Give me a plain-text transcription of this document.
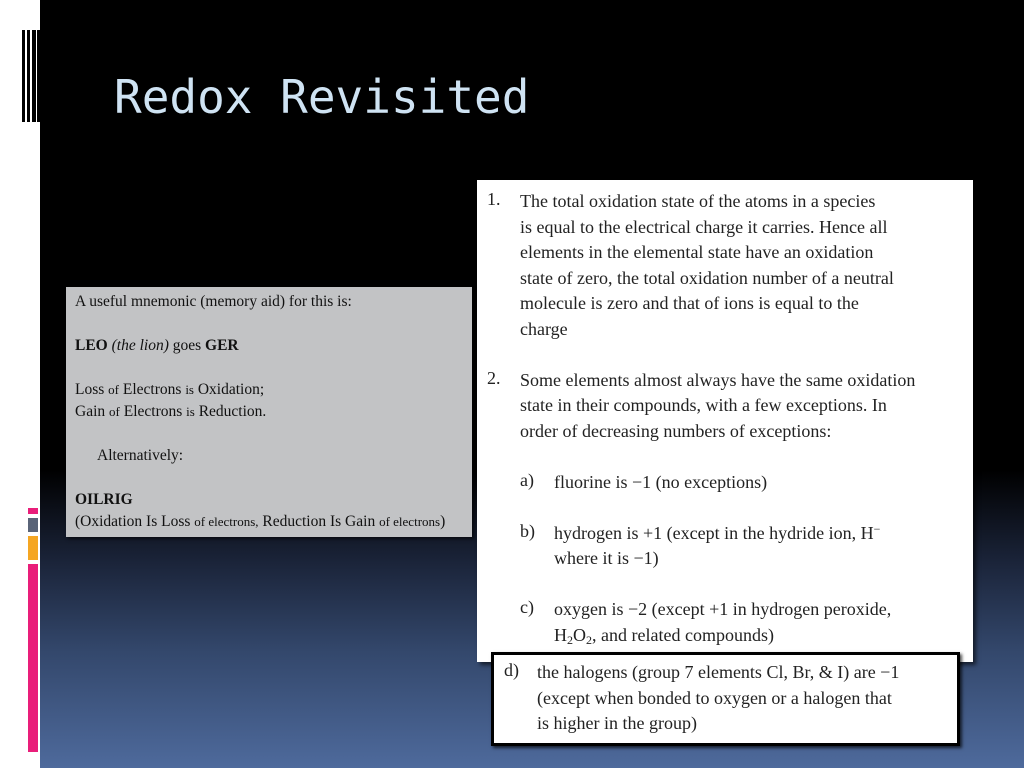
Redox Revisited

A useful mnemonic (memory aid) for this is:

LEO (the lion) goes GER

Loss of Electrons is Oxidation;

Gain of Electrons is Reduction.

Alternatively:

OILRIG

(Oxidation Is Loss of electrons, Reduction Is Gain of electrons)

1.	The total oxidation state of the atoms in a species
is equal to the electrical charge it carries. Hence all
elements in the elemental state have an oxidation
state of zero, the total oxidation number of a neutral
molecule is zero and that of ions is equal to the
charge
2.	Some elements almost always have the same oxidation
state in their compounds, with a few exceptions. In
order of decreasing numbers of exceptions:
a)	fluorine is −1 (no exceptions)
b)	hydrogen is +1 (except in the hydride ion, H−
where it is −1)
c)	oxygen is −2 (except +1 in hydrogen peroxide,
$H_2O_2$, and related compounds)
d)	the halogens (group 7 elements Cl, Br, & I) are −1
(except when bonded to oxygen or a halogen that
is higher in the group)
